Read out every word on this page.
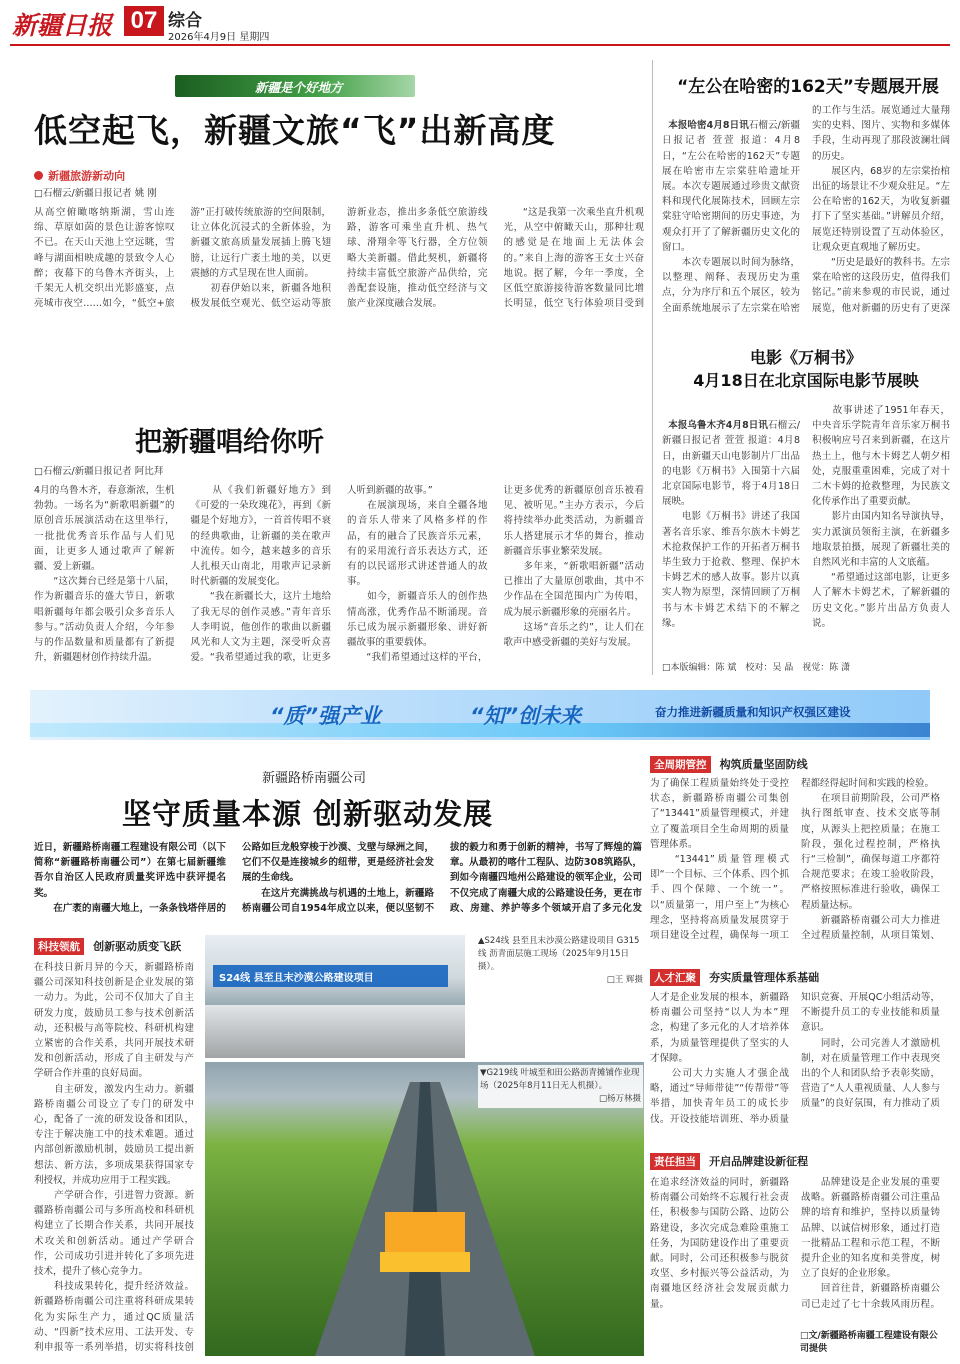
新疆日报 07 综合
2026年4月9日 星期四
新疆是个好地方
低空起飞，新疆文旅“飞”出新高度
新疆旅游新动向
□石榴云/新疆日报记者 姚 刚
从高空俯瞰喀纳斯湖，雪山连绵、草原如茵的景色让游客惊叹不已。在天山天池上空远眺，雪峰与湖面相映成趣的景致令人心醉；夜幕下的乌鲁木齐街头，上千架无人机交织出光影盛宴，点亮城市夜空……如今，“低空+旅游”正打破传统旅游的空间限制，让立体化沉浸式的全新体验，为新疆文旅高质量发展插上腾飞翅膀，让远行广袤土地的美，以更震撼的方式呈现在世人面前。
　　初春伊始以来，新疆各地积极发展低空观光、低空运动等旅游新业态，推出多条低空旅游线路，游客可乘坐直升机、热气球、滑翔伞等飞行器，全方位领略大美新疆。借此契机，新疆将持续丰富低空旅游产品供给，完善配套设施，推动低空经济与文旅产业深度融合发展。
　　“这是我第一次乘坐直升机观光，从空中俯瞰天山，那种壮观的感觉是在地面上无法体会的。”来自上海的游客王女士兴奋地说。据了解，今年一季度，全区低空旅游接待游客数量同比增长明显，低空飞行体验项目受到

把新疆唱给你听
□石榴云/新疆日报记者 阿比拜
4月的乌鲁木齐，春意渐浓，生机勃勃。一场名为“新歌唱新疆”的原创音乐展演活动在这里举行，一批批优秀音乐作品与人们见面，让更多人通过歌声了解新疆、爱上新疆。
　　“这次舞台已经是第十八届，作为新疆音乐的盛大节日，新歌唱新疆每年都会吸引众多音乐人参与。”活动负责人介绍，今年参与的作品数量和质量都有了新提升，新疆题材创作持续升温。
　　从《我们新疆好地方》到《可爱的一朵玫瑰花》，再到《新疆是个好地方》，一首首传唱不衰的经典歌曲，让新疆的美在歌声中流传。如今，越来越多的音乐人扎根天山南北，用歌声记录新时代新疆的发展变化。
　　“我在新疆长大，这片土地给了我无尽的创作灵感。”青年音乐人李明说，他创作的歌曲以新疆风光和人文为主题，深受听众喜爱。“我希望通过我的歌，让更多人听到新疆的故事。”
　　在展演现场，来自全疆各地的音乐人带来了风格多样的作品，有的融合了民族音乐元素，有的采用流行音乐表达方式，还有的以民谣形式讲述普通人的故事。
　　如今，新疆音乐人的创作热情高涨，优秀作品不断涌现。音乐已成为展示新疆形象、讲好新疆故事的重要载体。
　　“我们希望通过这样的平台，让更多优秀的新疆原创音乐被看见、被听见。”主办方表示，今后将持续举办此类活动，为新疆音乐人搭建展示才华的舞台，推动新疆音乐事业繁荣发展。
　　多年来，“新歌唱新疆”活动已推出了大量原创歌曲，其中不少作品在全国范围内广为传唱，成为展示新疆形象的亮丽名片。
　　这场“音乐之约”，让人们在歌声中感受新疆的美好与发展。
“左公在哈密的162天”专题展开展

本报哈密4月8日讯石榴云/新疆日报记者 萱萱 报道：4月8日，“左公在哈密的162天”专题展在哈密市左宗棠驻哈遗址开展。本次专题展通过珍贵文献资料和现代化展陈技术，回顾左宗棠驻守哈密期间的历史事迹，为观众打开了了解新疆历史文化的窗口。
　　本次专题展以时间为脉络，以整理、阐释、表现历史为重点，分为序厅和五个展区，较为全面系统地展示了左宗棠在哈密的工作与生活。展览通过大量翔实的史料、图片、实物和多媒体手段，生动再现了那段波澜壮阔的历史。
　　展区内，68岁的左宗棠抬棺出征的场景让不少观众驻足。“左公在哈密的162天，为收复新疆打下了坚实基础。”讲解员介绍，展览还特别设置了互动体验区，让观众更直观地了解历史。
　　“历史是最好的教科书。左宗棠在哈密的这段历史，值得我们铭记。”前来参观的市民说，通过展览，他对新疆的历史有了更深

电影《万桐书》
4月18日在北京国际电影节展映

本报乌鲁木齐4月8日讯石榴云/新疆日报记者 萱萱 报道：4月8日，由新疆天山电影制片厂出品的电影《万桐书》入围第十六届北京国际电影节，将于4月18日展映。
　　电影《万桐书》讲述了我国著名音乐家、维吾尔族木卡姆艺术抢救保护工作的开拓者万桐书毕生致力于抢救、整理、保护木卡姆艺术的感人故事。影片以真实人物为原型，深情回顾了万桐书与木卡姆艺术结下的不解之缘。
　　故事讲述了1951年春天，中央音乐学院青年音乐家万桐书积极响应号召来到新疆，在这片热土上，他与木卡姆艺人朝夕相处，克服重重困难，完成了对十二木卡姆的抢救整理，为民族文化传承作出了重要贡献。
　　影片由国内知名导演执导，实力派演员领衔主演，在新疆多地取景拍摄，展现了新疆壮美的自然风光和丰富的人文底蕴。
　　“希望通过这部电影，让更多人了解木卡姆艺术，了解新疆的历史文化。”影片出品方负责人说。

□本版编辑：陈 斌　校对：吴 晶　视觉：陈 潇
“质”强产业	“知”创未来	奋力推进新疆质量和知识产权强区建设
新疆路桥南疆公司
坚守质量本源 创新驱动发展
近日，新疆路桥南疆工程建设有限公司（以下简称“新疆路桥南疆公司”）在第七届新疆维吾尔自治区人民政府质量奖评选中获评提名奖。
　　在广袤的南疆大地上，一条条钱塔伴居的公路如巨龙般穿梭于沙漠、戈壁与绿洲之间，它们不仅是连接城乡的纽带，更是经济社会发展的生命线。
　　在这片充满挑战与机遇的土地上，新疆路桥南疆公司自1954年成立以来，便以坚韧不拔的毅力和勇于创新的精神，书写了辉煌的篇章。从最初的喀什工程队、边防308筑路队，到如今南疆四地州公路建设的领军企业，公司不仅完成了南疆大成的公路建设任务，更在市政、房建、养护等多个领域开启了多元化发
科技领航 创新驱动质变飞跃
在科技日新月异的今天，新疆路桥南疆公司深知科技创新是企业发展的第一动力。为此，公司不仅加大了自主研发力度，鼓励员工参与技术创新活动，还积极与高等院校、科研机构建立紧密的合作关系，共同开展技术研发和创新活动，形成了自主研发与产学研合作并重的良好局面。
　　自主研发，激发内生动力。新疆路桥南疆公司设立了专门的研发中心，配备了一流的研发设备和团队，专注于解决施工中的技术难题。通过内部创新激励机制，鼓励员工提出新想法、新方法，多项成果获得国家专利授权，并成功应用于工程实践。
　　产学研合作，引进智力资源。新疆路桥南疆公司与多所高校和科研机构建立了长期合作关系，共同开展技术攻关和创新活动。通过产学研合作，公司成功引进并转化了多项先进技术，提升了核心竞争力。
　　科技成果转化，提升经济效益。新疆路桥南疆公司注重将科研成果转化为实际生产力，通过QC质量活动、“四新”技术应用、工法开发、专利申报等一系列举措，切实将科技创
S24线 县至且末沙漠公路建设项目
▲S24线 县至且末沙漠公路建设项目 G315线 沥青面层施工现场（2025年9月15日摄）。
□王 辉摄
▼G219线 叶城至和田公路沥青摊铺作业现场（2025年8月11日无人机摄）。
□杨万林摄
全周期管控 构筑质量坚固防线
为了确保工程质量始终处于受控状态，新疆路桥南疆公司集创了“13441”质量管理模式，并建立了覆盖项目全生命周期的质量管理体系。
　　“13441”质量管理模式即“一个目标、三个体系、四个抓手、四个保障、一个统一”。以“质量第一，用户至上”为核心理念，坚持将高质量发展贯穿于项目建设全过程，确保每一项工程都经得起时间和实践的检验。
　　在项目前期阶段，公司严格执行图纸审查、技术交底等制度，从源头上把控质量；在施工阶段，强化过程控制，严格执行“三检制”，确保每道工序都符合规范要求；在竣工验收阶段，严格按照标准进行验收，确保工程质量达标。
　　新疆路桥南疆公司大力推进全过程质量控制，从项目策划、
人才汇聚 夯实质量管理体系基础
人才是企业发展的根本，新疆路桥南疆公司坚持“以人为本”理念，构建了多元化的人才培养体系，为质量管理提供了坚实的人才保障。
　　公司大力实施人才强企战略，通过“导师带徒”“传帮带”等举措，加快青年员工的成长步伐。开设技能培训班、举办质量知识竞赛、开展QC小组活动等，不断提升员工的专业技能和质量意识。
　　同时，公司完善人才激励机制，对在质量管理工作中表现突出的个人和团队给予表彰奖励，营造了“人人重视质量、人人参与质量”的良好氛围，有力推动了质
责任担当 开启品牌建设新征程
在追求经济效益的同时，新疆路桥南疆公司始终不忘履行社会责任，积极参与国防公路、边防公路建设，多次完成急难险重施工任务，为国防建设作出了重要贡献。同时，公司还积极参与脱贫攻坚、乡村振兴等公益活动，为南疆地区经济社会发展贡献力量。
　　品牌建设是企业发展的重要战略。新疆路桥南疆公司注重品牌的培育和维护，坚持以质量铸品牌、以诚信树形象，通过打造一批精品工程和示范工程，不断提升企业的知名度和美誉度，树立了良好的企业形象。
　　回首往昔，新疆路桥南疆公司已走过了七十余载风雨历程。
□文/新疆路桥南疆工程建设有限公司提供
